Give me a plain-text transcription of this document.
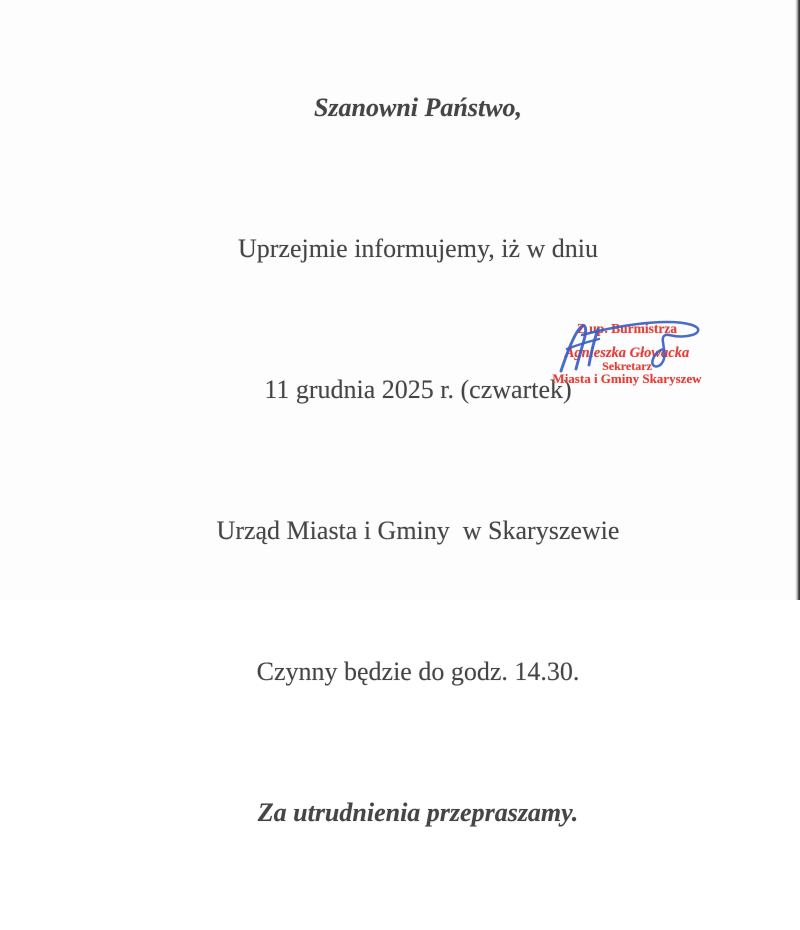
Szanowni Państwo,

Uprzejmie informujemy, iż w dniu

11 grudnia 2025 r. (czwartek)

Urząd Miasta i Gminy  w Skaryszewie

Czynny będzie do godz. 14.30.

Za utrudnienia przepraszamy.

Z up. Burmistrza
Agnieszka Głowacka
Sekretarz
Miasta i Gminy Skaryszew
